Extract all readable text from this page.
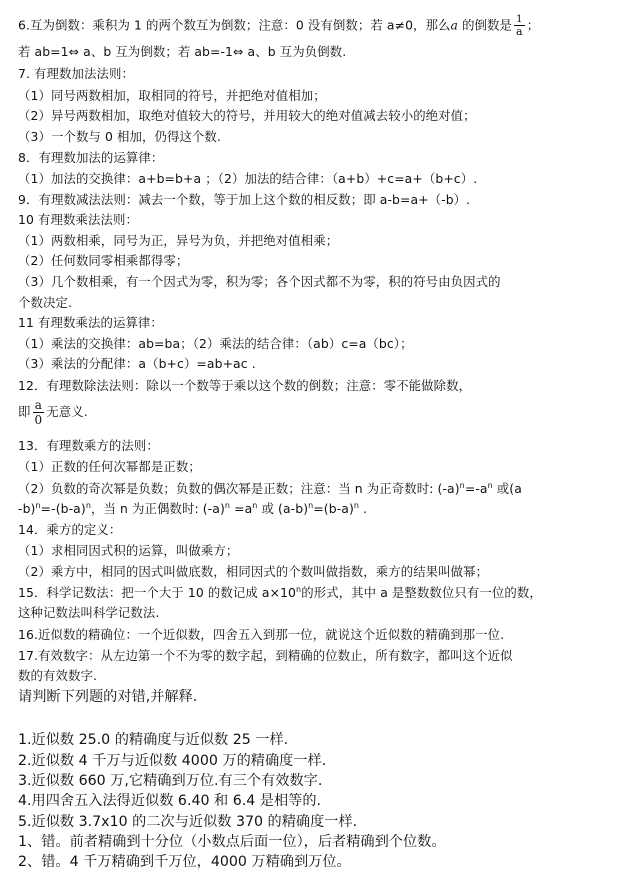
6.互为倒数：乘积为 1 的两个数互为倒数；注意：0 没有倒数；若 a≠0，那么a 的倒数是 $\frac{1}{a}$ ；
若 ab=1⇔ a、b 互为倒数；若 ab=-1⇔ a、b 互为负倒数.
7. 有理数加法法则：
（1）同号两数相加，取相同的符号，并把绝对值相加；
（2）异号两数相加，取绝对值较大的符号，并用较大的绝对值减去较小的绝对值；
（3）一个数与 0 相加，仍得这个数.
8．有理数加法的运算律：
（1）加法的交换律：a+b=b+a ；（2）加法的结合律：（a+b）+c=a+（b+c）.
9．有理数减法法则：减去一个数，等于加上这个数的相反数；即 a-b=a+（-b）.
10 有理数乘法法则：
（1）两数相乘，同号为正，异号为负，并把绝对值相乘；
（2）任何数同零相乘都得零；
（3）几个数相乘，有一个因式为零，积为零；各个因式都不为零，积的符号由负因式的
个数决定.
11 有理数乘法的运算律：
（1）乘法的交换律：ab=ba；（2）乘法的结合律：（ab）c=a（bc）；
（3）乘法的分配律：a（b+c）=ab+ac .
12．有理数除法法则：除以一个数等于乘以这个数的倒数；注意：零不能做除数，
即 $\frac{a}{0}$ 无意义.
13．有理数乘方的法则：
（1）正数的任何次幂都是正数；
（2）负数的奇次幂是负数；负数的偶次幂是正数；注意：当 n 为正奇数时: $(-a)^n=-a^n$ 或(a
$-b)^n=-(b-a)^n$，当 n 为正偶数时: $(-a)^n =a^n$ 或 $(a-b)^n=(b-a)^n$ .
14．乘方的定义：
（1）求相同因式积的运算，叫做乘方；
（2）乘方中，相同的因式叫做底数，相同因式的个数叫做指数，乘方的结果叫做幂；
15．科学记数法：把一个大于 10 的数记成 $a\times 10^n$的形式，其中 a 是整数数位只有一位的数，
这种记数法叫科学记数法.
16.近似数的精确位：一个近似数，四舍五入到那一位，就说这个近似数的精确到那一位.
17.有效数字：从左边第一个不为零的数字起，到精确的位数止，所有数字，都叫这个近似
数的有效数字.
请判断下列题的对错,并解释.
1.近似数 25.0 的精确度与近似数 25 一样.
2.近似数 4 千万与近似数 4000 万的精确度一样.
3.近似数 660 万,它精确到万位.有三个有效数字.
4.用四舍五入法得近似数 6.40 和 6.4 是相等的.
5.近似数 3.7x10 的二次与近似数 370 的精确度一样.
1、错。前者精确到十分位（小数点后面一位），后者精确到个位数。
2、错。4 千万精确到千万位，4000 万精确到万位。
